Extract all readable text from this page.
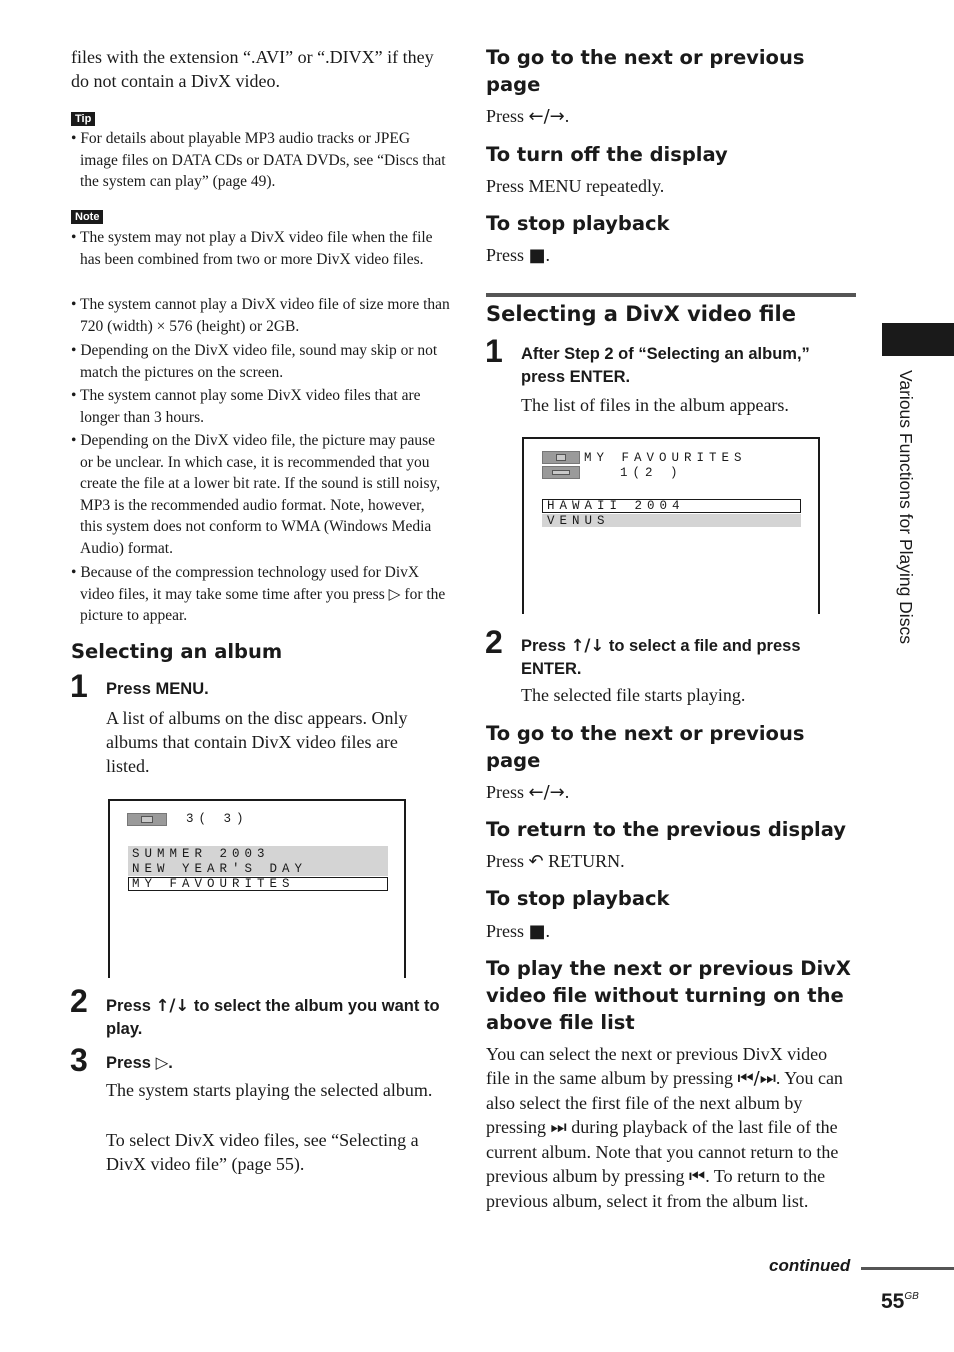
files with the extension “.AVI” or “.DIVX” if they do not contain a DivX video.
Tip
• For details about playable MP3 audio tracks or JPEG image files on DATA CDs or DATA DVDs, see “Discs that the system can play” (page 49).
Note
• The system may not play a DivX video file when the file has been combined from two or more DivX video files.
• The system cannot play a DivX video file of size more than 720 (width) × 576 (height) or 2GB.
• Depending on the DivX video file, sound may skip or not match the pictures on the screen.
• The system cannot play some DivX video files that are longer than 3 hours.
• Depending on the DivX video file, the picture may pause or be unclear. In which case, it is recommended that you create the file at a lower bit rate. If the sound is still noisy, MP3 is the recommended audio format. Note, however, this system does not conform to WMA (Windows Media Audio) format.
• Because of the compression technology used for DivX video files, it may take some time after you press ▷ for the picture to appear.
Selecting an album
1 Press MENU.
A list of albums on the disc appears. Only albums that contain DivX video files are listed.
3( 3)
SUMMER 2003
NEW YEAR'S DAY
MY FAVOURITES
2 Press ↑/↓ to select the album you want to play.
3 Press ▷.
The system starts playing the selected album.
To select DivX video files, see “Selecting a DivX video file” (page 55).
To go to the next or previous page
Press ←/→.
To turn off the display
Press MENU repeatedly.
To stop playback
Press ■.
Selecting a DivX video file
1 After Step 2 of “Selecting an album,” press ENTER.
The list of files in the album appears.
MY FAVOURITES
1(2 )
HAWAII 2004
VENUS
2 Press ↑/↓ to select a file and press ENTER.
The selected file starts playing.
To go to the next or previous page
Press ←/→.
To return to the previous display
Press ↶ RETURN.
To stop playback
Press ■.
To play the next or previous DivX video file without turning on the above file list
You can select the next or previous DivX video file in the same album by pressing ⏮/⏭. You can also select the first file of the next album by pressing ⏭ during playback of the last file of the current album. Note that you cannot return to the previous album by pressing ⏮. To return to the previous album, select it from the album list.
Various Functions for Playing Discs
continued
$55^{GB}$
